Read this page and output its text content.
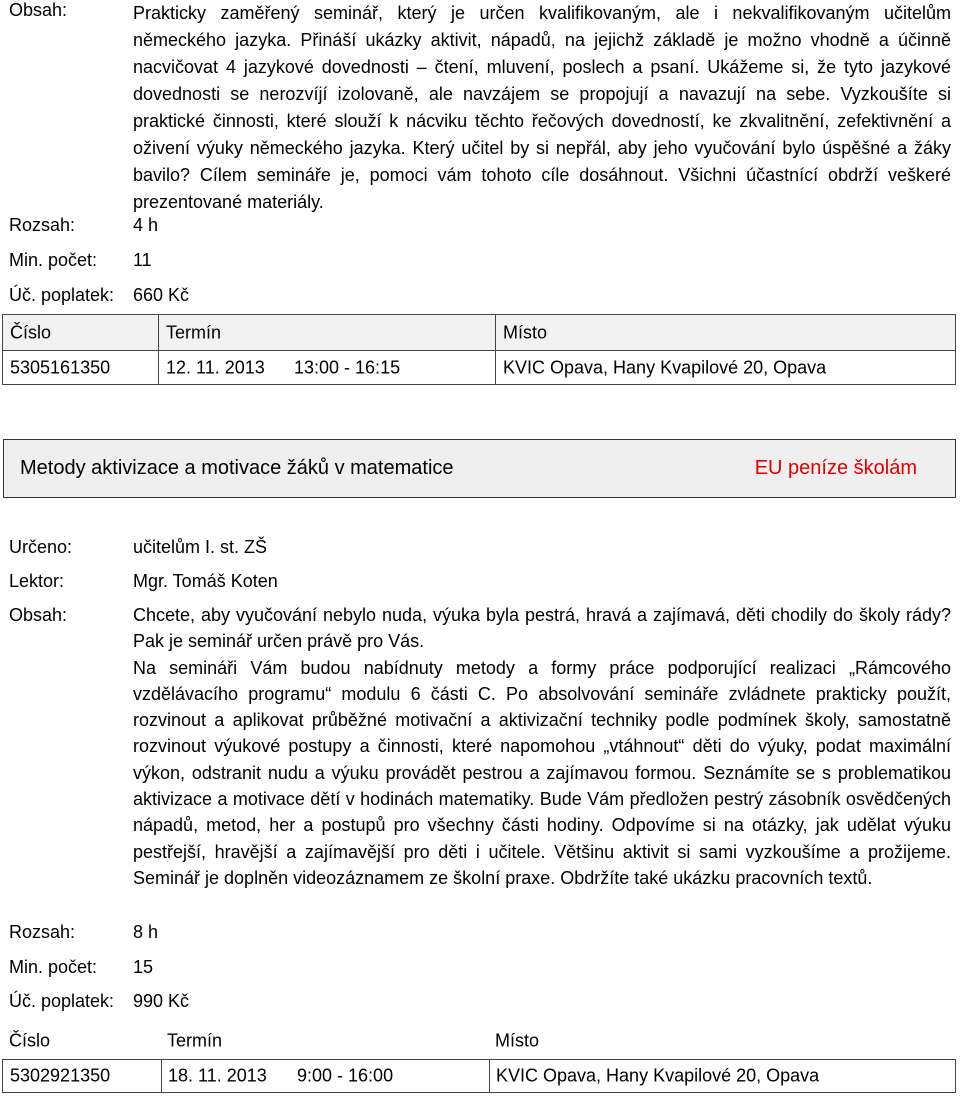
Obsah:	Prakticky zaměřený seminář, který je určen kvalifikovaným, ale i nekvalifikovaným učitelům německého jazyka. Přináší ukázky aktivit, nápadů, na jejichž základě je možno vhodně a účinně nacvičovat 4 jazykové dovednosti – čtení, mluvení, poslech a psaní. Ukážeme si, že tyto jazykové dovednosti se nerozvíjí izolovaně, ale navzájem se propojují a navazují na sebe. Vyzkoušíte si praktické činnosti, které slouží k nácviku těchto řečových dovedností, ke zkvalitnění, zefektivnění a oživení výuky německého jazyka. Který učitel by si nepřál, aby jeho vyučování bylo úspěšné a žáky bavilo? Cílem semináře je, pomoci vám tohoto cíle dosáhnout. Všichni účastnící obdrží veškeré prezentované materiály.

Rozsah:	4 h
Min. počet: 11
Úč. poplatek: 660 Kč
Číslo	Termín	Místo
5305161350	12. 11. 2013 13:00 - 16:15	KVIC Opava, Hany Kvapilové 20, Opava
Metody aktivizace a motivace žáků v matematice	EU peníze školám
Určeno:	učitelům I. st. ZŠ
Lektor:	Mgr. Tomáš Koten
Obsah:	Chcete, aby vyučování nebylo nuda, výuka byla pestrá, hravá a zajímavá, děti chodily do školy rády? Pak je seminář určen právě pro Vás.

Na semináři Vám budou nabídnuty metody a formy práce podporující realizaci „Rámcového vzdělávacího programu“ modulu 6 části C. Po absolvování semináře zvládnete prakticky použít, rozvinout a aplikovat průběžné motivační a aktivizační techniky podle podmínek školy, samostatně rozvinout výukové postupy a činnosti, které napomohou „vtáhnout“ děti do výuky, podat maximální výkon, odstranit nudu a výuku provádět pestrou a zajímavou formou. Seznámíte se s problematikou aktivizace a motivace dětí v hodinách matematiky. Bude Vám předložen pestrý zásobník osvědčených nápadů, metod, her a postupů pro všechny části hodiny. Odpovíme si na otázky, jak udělat výuku pestřejší, hravější a zajímavější pro děti i učitele. Většinu aktivit si sami vyzkoušíme a prožijeme. Seminář je doplněn videozáznamem ze školní praxe. Obdržíte také ukázku pracovních textů.

Rozsah:	8 h
Min. počet: 15
Úč. poplatek: 990 Kč
Číslo	Termín	Místo
5302921350	18. 11. 2013 9:00 - 16:00	KVIC Opava, Hany Kvapilové 20, Opava
